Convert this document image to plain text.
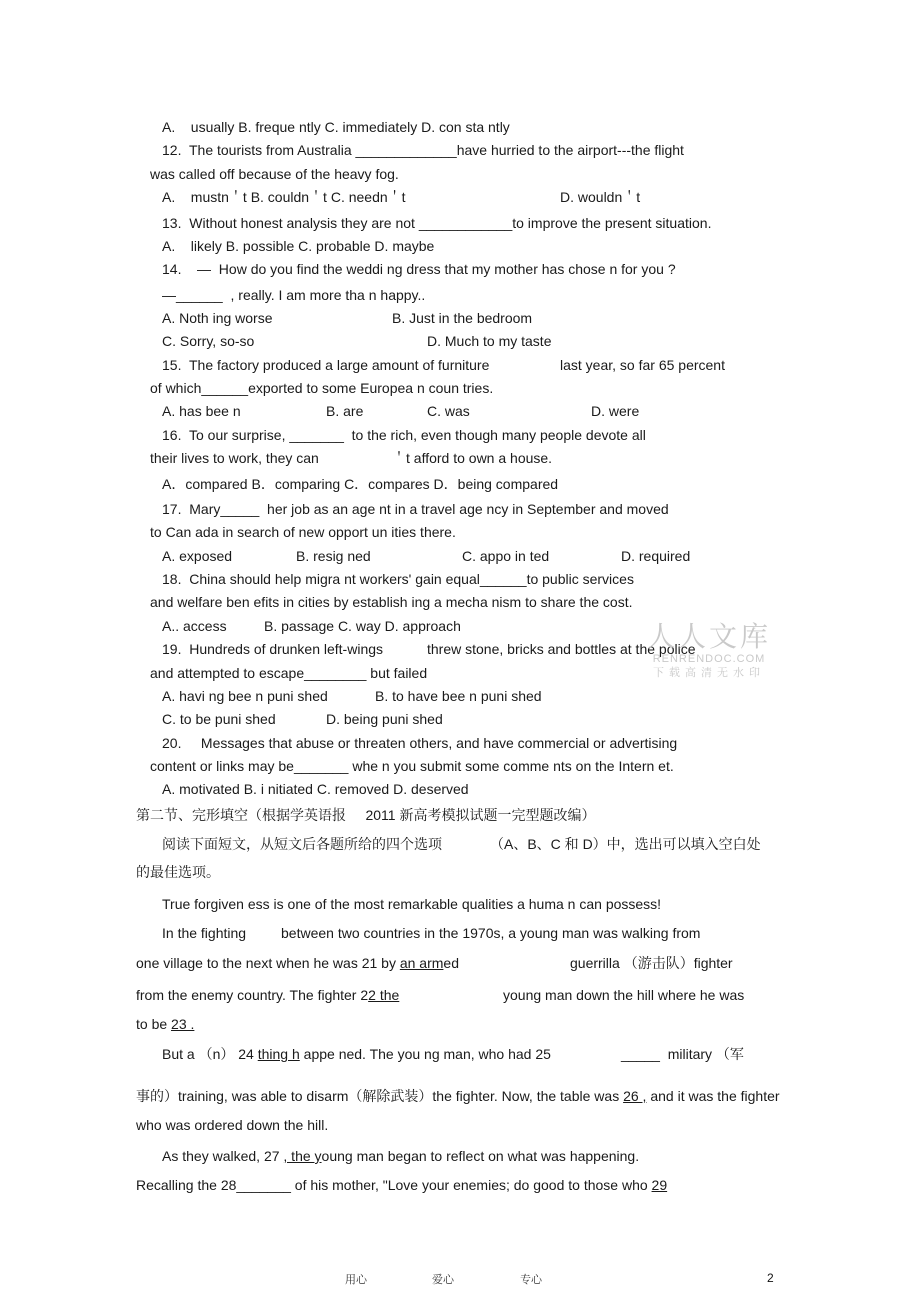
A.    usually B. freque ntly C. immediately D. con sta ntly
12.  The tourists from Australia _____________have hurried to the airport---the flight
was called off because of the heavy fog.
A.    mustn＇t B. couldn＇t C. needn＇t	D. wouldn＇t
13.  Without honest analysis they are not ____________to improve the present situation.
A.    likely B. possible C. probable D. maybe
14.    —  How do you find the weddi ng dress that my mother has chose n for you ?
—______  , really. I am more tha n happy..
A. Noth ing worse	B. Just in the bedroom
C. Sorry, so-so	D. Much to my taste
15.  The factory produced a large amount of furniture	last year, so far 65 percent
of which______exported to some Europea n coun tries.
A. has bee n	B. are	C. was	D. were
16.  To our surprise, _______  to the rich, even though many people devote all
their lives to work, they can	＇t afford to own a house.
A．compared B．comparing C．compares D．being compared
17.  Mary_____  her job as an age nt in a travel age ncy in September and moved
to Can ada in search of new opport un ities there.
A. exposed	B. resig ned	C. appo in ted	D. required
18.  China should help migra nt workers' gain equal______to public services
and welfare ben efits in cities by establish ing a mecha nism to share the cost.
A.. access	B. passage C. way D. approach
19.  Hundreds of drunken left-wings	threw stone, bricks and bottles at the police
and attempted to escape________ but failed
A. havi ng bee n puni shed	B. to have bee n puni shed
C. to be puni shed	D. being puni shed
20.     Messages that abuse or threaten others, and have commercial or advertising
content or links may be_______ whe n you submit some comme nts on the Intern et.
A. motivated B. i nitiated C. removed D. deserved
第二节、完形填空（根据学英语报     2011 新高考模拟试题一完型题改编）
阅读下面短文，从短文后各题所给的四个选项	（A、B、C 和 D）中，选出可以填入空白处
的最佳选项。
True forgiven ess is one of the most remarkable qualities a huma n can possess!
In the fighting between two countries in the 1970s, a young man was walking from
one village to the next when he was 21 by an armed	guerrilla （游击队）fighter
from the enemy country. The fighter 22 the	young man down the hill where he was
to be 23 .
But a （n） 24 thing h appe ned. The you ng man, who had 25	_____  military （军
事的）training, was able to disarm（解除武装）the fighter. Now, the table was 26 , and it was the fighter
who was ordered down the hill.
As they walked, 27 , the young man began to reflect on what was happening.
Recalling the 28_______ of his mother, "Love your enemies; do good to those who 29
人人文库
RENRENDOC.COM
下载高清无水印
用心	爱心	专心	2
